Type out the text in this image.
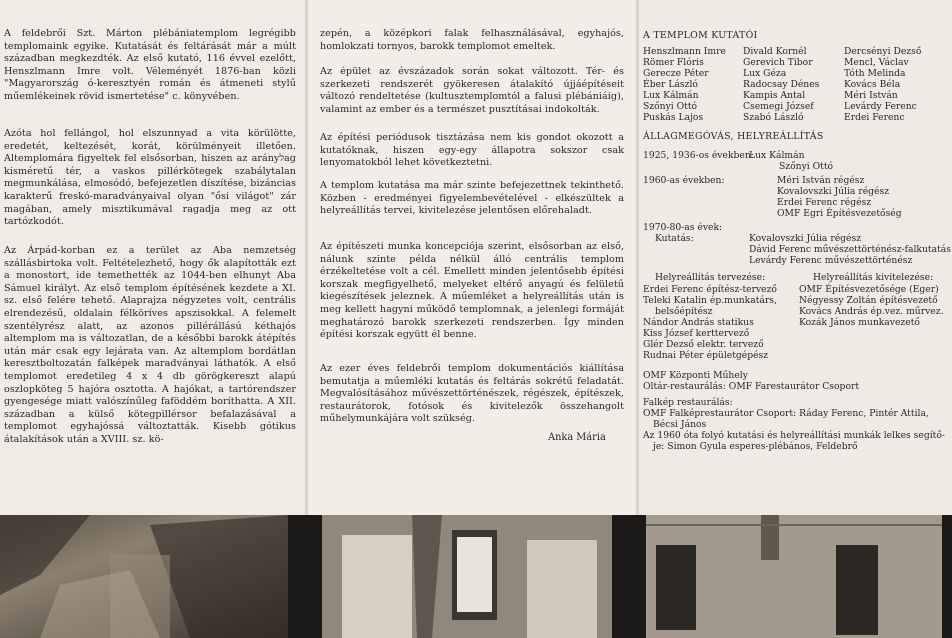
A feldebrői Szt. Márton plébániatemplom legrégibb templomaink egyike. Kutatását és feltárását már a múlt században megkezdték. Az első kutató, 116 évvel ezelőtt, Henszlmann Imre volt. Véleményét 1876-ban közli "Magyarország ó-keresztyén román és átmeneti stylű műemlékeinek rövid ismertetése" c. könyvében.
Azóta hol fellángol, hol elszunnyad a vita körülötte, eredetét, keltezését, korát, körülményeit illetően. Altemplomára figyeltek fel elsősorban, hiszen az arányלag kisméretű tér, a vaskos pillérkötegek szabálytalan megmunkálása, elmosódó, befejezetlen díszítése, bizáncias karakterű freskó-maradványaival olyan "ősi világot" zár magában, amely misztikumával ragadja meg az ott tartózkodót.
Az Árpád-korban ez a terület az Aba nemzetség szállásbirtoka volt. Feltételezhető, hogy ők alapították ezt a monostort, ide temethették az 1044-ben elhunyt Aba Sámuel királyt. Az első templom építésének kezdete a XI. sz. első felére tehető. Alaprajza négyzetes volt, centrális elrendezésű, oldalain félköríves apszisokkal. A felemelt szentélyrész alatt, az azonos pillérállású kéthajós altemplom ma is változatlan, de a későbbi barokk átépítés után már csak egy lejárata van. Az altemplom bordátlan keresztboltozatán falképek maradványai láthatók. A első templomot eredetileg 4 x 4 db görögkereszt alapú oszlopköteg 5 hajóra osztotta. A hajókat, a tartórendszer gyengesége miatt valószínűleg faföddém boríthatta. A XII. században a külső kötegpillérsor befalazásával a templomot egyhajóssá változtatták. Kisebb gótikus átalakítások után a XVIII. sz. kö-
zepén, a középkori falak felhasználásával, egyhajós, homlokzati tornyos, barokk templomot emeltek.
Az épület az évszázadok során sokat változott. Tér- és szerkezeti rendszerét gyökeresen átalakító újjáépítéseit változó rendeltetése (kultusztemplomtól a falusi plébániáig), valamint az ember és a természet pusztításai indokolták.
Az építési periódusok tisztázása nem kis gondot okozott a kutatóknak, hiszen egy-egy állapotra sokszor csak lenyomatokból lehet következtetni.
A templom kutatása ma már szinte befejezettnek tekinthető. Közben - eredményei figyelembevételével - elkészültek a helyreállítás tervei, kivitelezése jelentősen előrehaladt.
Az építészeti munka koncepciója szerint, elsősorban az első, nálunk szinte példa nélkül álló centrális templom érzékeltetése volt a cél. Emellett minden jelentősebb építési korszak megfigyelhető, melyeket eltérő anyagú és felületű kiegészítések jeleznek. A műemléket a helyreállítás után is meg kellett hagyni működő templomnak, a jelenlegi formáját meghatározó barokk szerkezeti rendszerben. Így minden építési korszak együtt él benne.
Az ezer éves feldebrői templom dokumentációs kiállítása bemutatja a műemléki kutatás és feltárás sokrétű feladatát. Megvalósításához művészettörténészek, régészek, építészek, restaurátorok, fotósok és kivitelezők összehangolt műhelymunkájára volt szükség.
Anka Mária
A TEMPLOM KUTATÓI
Henszlmann Imre
Römer Flóris
Gerecze Péter
Éber László
Lux Kálmán
Szőnyi Ottó
Puskás Lajos
Divald Kornél
Gerevich Tibor
Lux Géza
Radocsay Dénes
Kampis Antal
Csemegi József
Szabó László
Dercsényi Dezső
Mencl, Václav
Tóth Melinda
Kovács Béla
Méri István
Levárdy Ferenc
Erdei Ferenc
ÁLLAGMEGÓVÁS, HELYREÁLLÍTÁS
1925, 1936-os években:
Lux Kálmán
Szőnyi Ottó
1960-as években:	Méri István régész
Kovalovszki Júlia régész
Erdei Ferenc régész
OMF Egri Építésvezetőség
1970-80-as évek:
Kutatás:	Kovalovszki Júlia régész
Dávid Ferenc művészettörténész-falkutatás
Levárdy Ferenc művészettörténész
Helyreállítás tervezése:
Erdei Ferenc építész-tervező
Teleki Katalin ép.munkatárs,
belsőépítész
Nándor András statikus
Kiss József kerttervező
Glér Dezső elektr. tervező
Rudnai Péter épületgépész
Helyreállítás kivitelezése:
OMF Építésvezetősége (Eger)
Négyessy Zoltán építésvezető
Kovács András ép.vez. műrvez.
Kozák János munkavezető
OMF Központi Műhely
Oltár-restaurálás: OMF Farestaurátor Csoport
Falkép restaurálás:
OMF Falképrestaurátor Csoport: Ráday Ferenc, Pintér Attila,
Bécsi János
Az 1960 óta folyó kutatási és helyreállítási munkák lelkes segítő-
je: Simon Gyula esperes-plébános, Feldebrő
